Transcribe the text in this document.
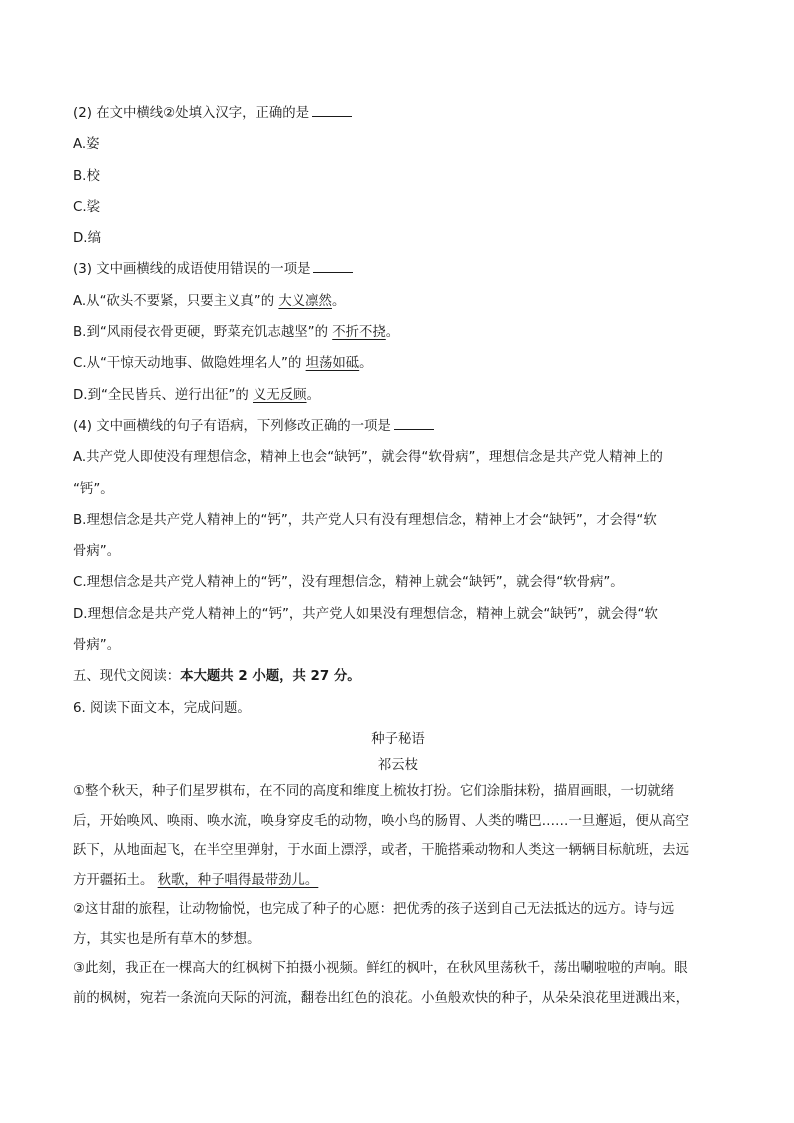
(2) 在文中横线②处填入汉字，正确的是
A.姿
B.校
C.裟
D.缟
(3) 文中画横线的成语使用错误的一项是
A.从“砍头不要紧，只要主义真”的 大义凛然。
B.到“风雨侵衣骨更硬，野菜充饥志越坚”的 不折不挠。
C.从“干惊天动地事、做隐姓埋名人”的 坦荡如砥。
D.到“全民皆兵、逆行出征”的 义无反顾。
(4) 文中画横线的句子有语病，下列修改正确的一项是
A.共产党人即使没有理想信念，精神上也会“缺钙”，就会得“软骨病”，理想信念是共产党人精神上的
“钙”。
B.理想信念是共产党人精神上的“钙”，共产党人只有没有理想信念，精神上才会“缺钙”，才会得“软
骨病”。
C.理想信念是共产党人精神上的“钙”，没有理想信念，精神上就会“缺钙”，就会得“软骨病”。
D.理想信念是共产党人精神上的“钙”，共产党人如果没有理想信念，精神上就会“缺钙”，就会得“软
骨病”。
五、现代文阅读：本大题共 2 小题，共 27 分。
6. 阅读下面文本，完成问题。
种子秘语
祁云枝
①整个秋天，种子们星罗棋布，在不同的高度和维度上梳妆打扮。它们涂脂抹粉，描眉画眼，一切就绪
后，开始唤风、唤雨、唤水流，唤身穿皮毛的动物，唤小鸟的肠胃、人类的嘴巴……一旦邂逅，便从高空
跃下，从地面起飞，在半空里弹射，于水面上漂浮，或者，干脆搭乘动物和人类这一辆辆目标航班，去远
方开疆拓土。 秋歌，种子唱得最带劲儿。
②这甘甜的旅程，让动物愉悦，也完成了种子的心愿：把优秀的孩子送到自己无法抵达的远方。诗与远
方，其实也是所有草木的梦想。
③此刻，我正在一棵高大的红枫树下拍摄小视频。鲜红的枫叶，在秋风里荡秋千，荡出唰啦啦的声响。眼
前的枫树，宛若一条流向天际的河流，翻卷出红色的浪花。小鱼般欢快的种子，从朵朵浪花里迸溅出来，
